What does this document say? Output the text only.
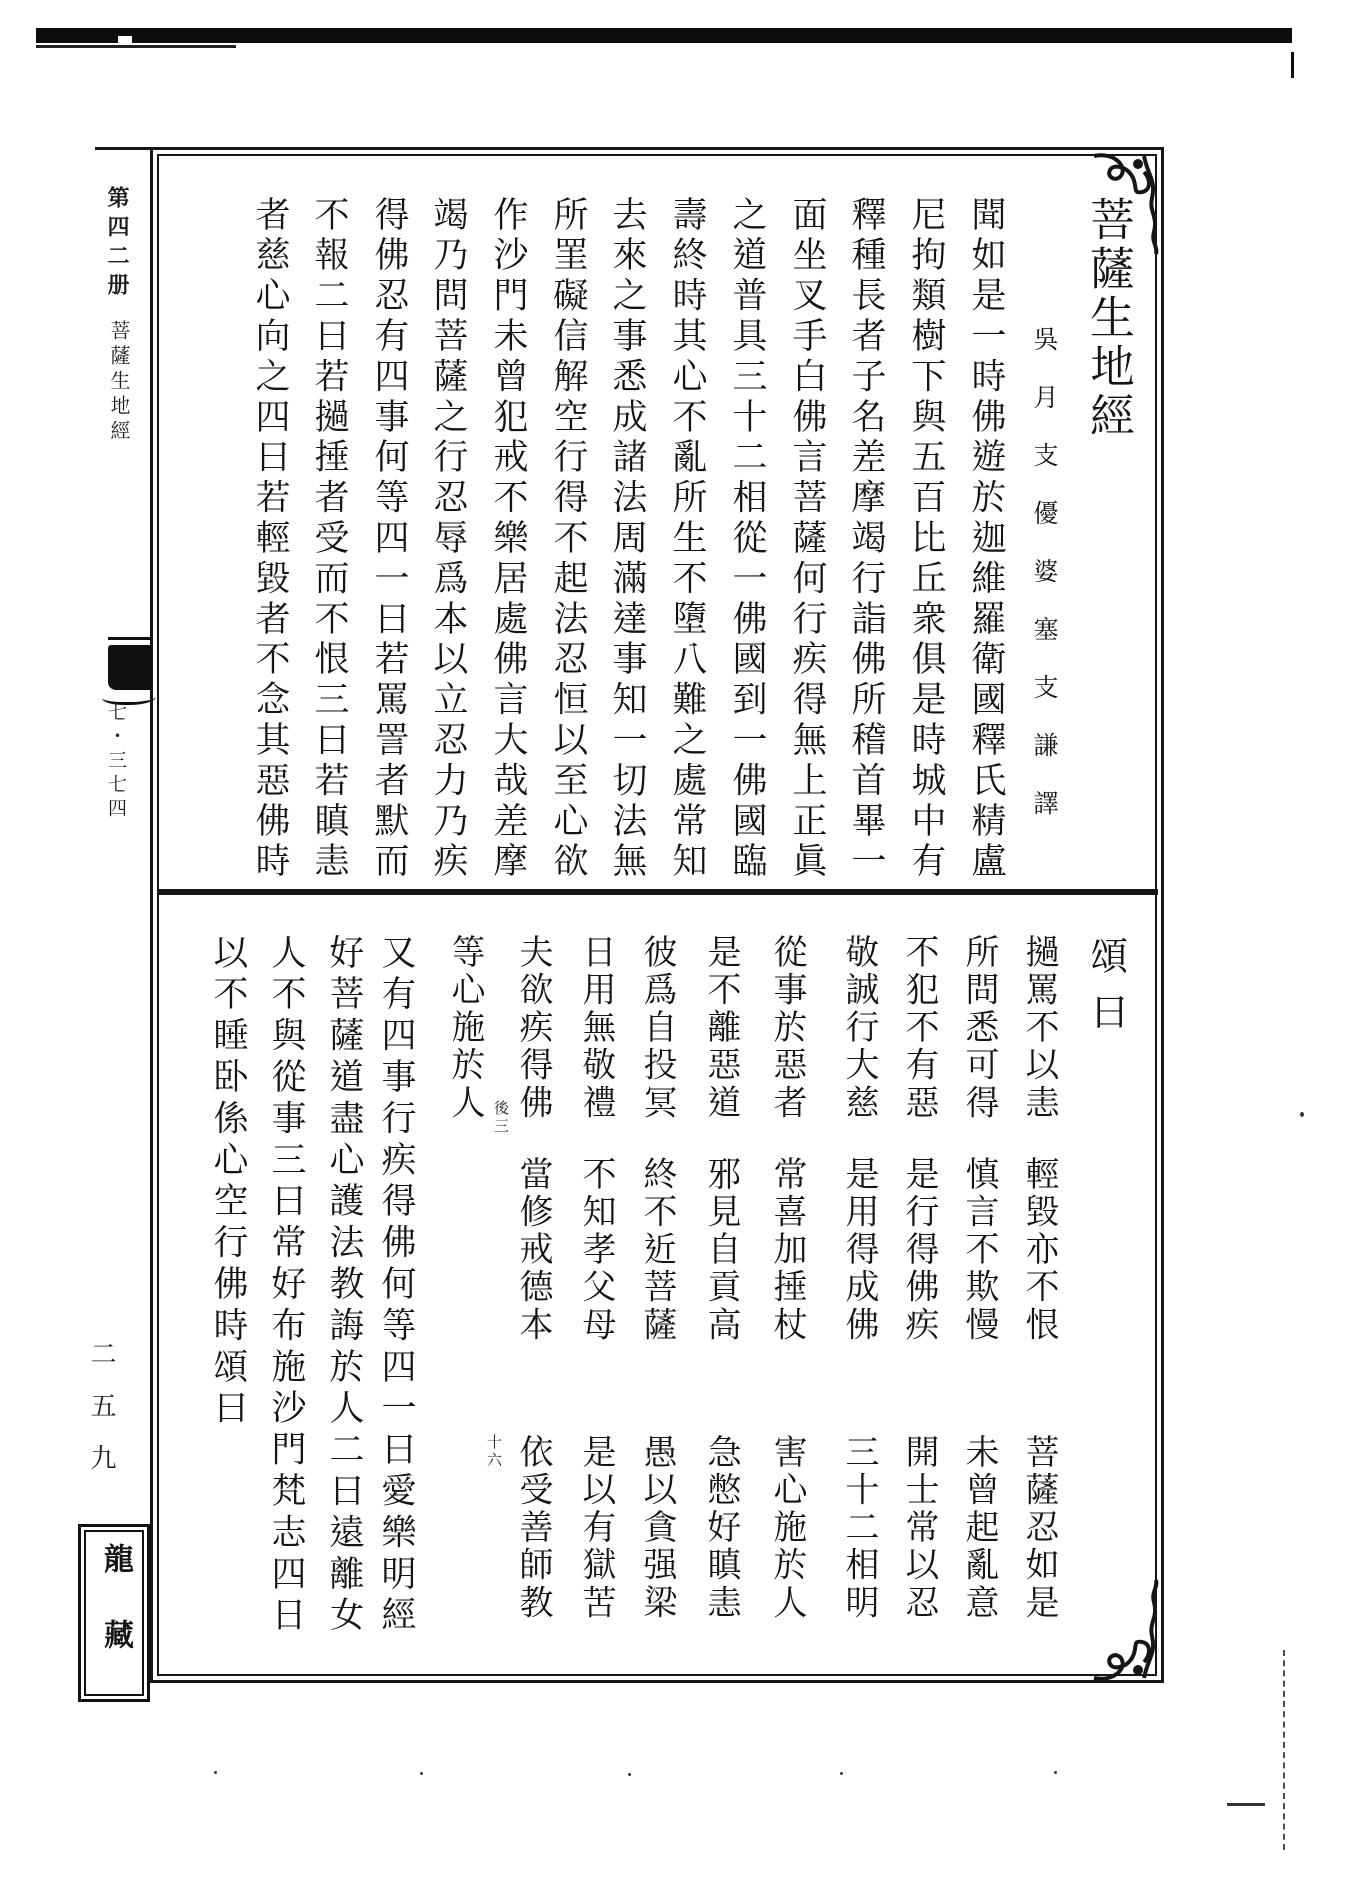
第四二册
菩薩生地經
七・三七四
二五九
龍藏
菩薩生地經
吳月支優婆塞支謙譯
聞如是一時佛遊於迦維羅衛國釋氏精盧
尼拘類樹下與五百比丘衆俱是時城中有
釋種長者子名差摩竭行詣佛所稽首畢一
面坐叉手白佛言菩薩何行疾得無上正眞
之道普具三十二相從一佛國到一佛國臨
壽終時其心不亂所生不墮八難之處常知
去來之事悉成諸法周滿達事知一切法無
所罣礙信解空行得不起法忍恒以至心欲
作沙門未曾犯戒不樂居處佛言大哉差摩
竭乃問菩薩之行忍辱爲本以立忍力乃疾
得佛忍有四事何等四一曰若罵詈者默而
不報二曰若撾捶者受而不恨三曰若瞋恚
者慈心向之四曰若輕毀者不念其惡佛時
頌曰
撾罵不以恚
輕毀亦不恨
菩薩忍如是
所問悉可得
慎言不欺慢
未曾起亂意
不犯不有惡
是行得佛疾
開士常以忍
敬誠行大慈
是用得成佛
三十二相明
從事於惡者
常喜加捶杖
害心施於人
是不離惡道
邪見自貢高
急憋好瞋恚
彼爲自投冥
終不近菩薩
愚以貪强梁
日用無敬禮
不知孝父母
是以有獄苦
夫欲疾得佛
當修戒德本
依受善師教
後三
十六
等心施於人
又有四事行疾得佛何等四一曰愛樂明經
好菩薩道盡心護法教誨於人二曰遠離女
人不與從事三曰常好布施沙門梵志四日
以不睡卧係心空行佛時頌曰
